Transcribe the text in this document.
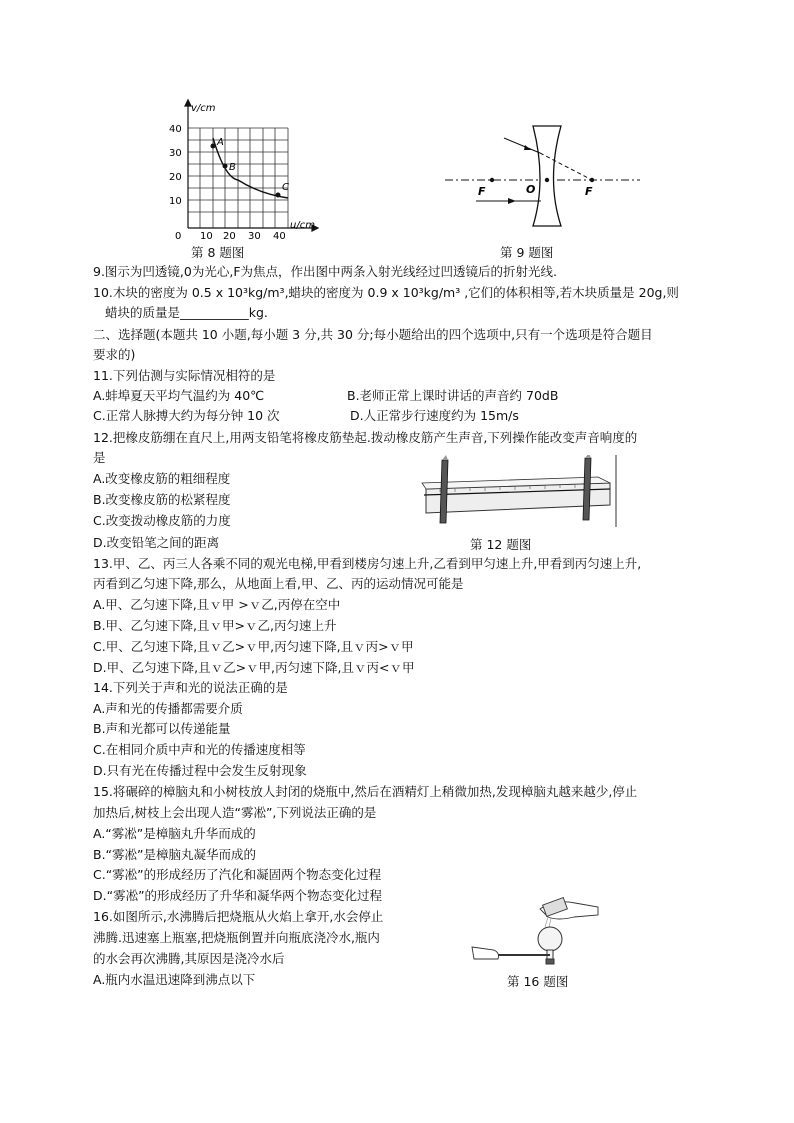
A
B
C
v/cm
u/cm
40
30
20
10
0 10 20 30 40
第 8 题图
F	O	F
第 9 题图
9.图示为凹透镜,0为光心,F为焦点，作出图中两条入射光线经过凹透镜后的折射光线.
10.木块的密度为 0.5 x 10³kg/m³,蜡块的密度为 0.9 x 10³kg/m³ ,它们的体积相等,若木块质量是 20g,则
蜡块的质量是___________kg.
二、选择题(本题共 10 小题,每小题 3 分,共 30 分;每小题给出的四个选项中,只有一个选项是符合题目
要求的)
11.下列估测与实际情况相符的是
A.蚌埠夏天平均气温约为 40℃	B.老师正常上课时讲话的声音约 70dB
C.正常人脉搏大约为每分钟 10 次	D.人正常步行速度约为 15m/s
12.把橡皮筋绷在直尺上,用两支铅笔将橡皮筋垫起.拨动橡皮筋产生声音,下列操作能改变声音响度的
是
A.改变橡皮筋的粗细程度
B.改变橡皮筋的松紧程度
C.改变拨动橡皮筋的力度
D.改变铅笔之间的距离	第 12 题图
13.甲、乙、丙三人各乘不同的观光电梯,甲看到楼房匀速上升,乙看到甲匀速上升,甲看到丙匀速上升,
丙看到乙匀速下降,那么，从地面上看,甲、乙、丙的运动情况可能是
A.甲、乙匀速下降,且ｖ甲 >ｖ乙,丙停在空中
B.甲、乙匀速下降,且ｖ甲>ｖ乙,丙匀速上升
C.甲、乙匀速下降,且ｖ乙>ｖ甲,丙匀速下降,且ｖ丙>ｖ甲
D.甲、乙匀速下降,且ｖ乙>ｖ甲,丙匀速下降,且ｖ丙<ｖ甲
14.下列关于声和光的说法正确的是
A.声和光的传播都需要介质
B.声和光都可以传递能量
C.在相同介质中声和光的传播速度相等
D.只有光在传播过程中会发生反射现象
15.将碾碎的樟脑丸和小树枝放人封闭的烧瓶中,然后在酒精灯上稍微加热,发现樟脑丸越来越少,停止
加热后,树枝上会出现人造“雾凇”,下列说法正确的是
A.“雾凇”是樟脑丸升华而成的
B.“雾凇”是樟脑丸凝华而成的
C.“雾凇”的形成经历了汽化和凝固两个物态变化过程
D.“雾凇”的形成经历了升华和凝华两个物态变化过程
16.如图所示,水沸腾后把烧瓶从火焰上拿开,水会停止
沸腾.迅速塞上瓶塞,把烧瓶倒置并向瓶底浇冷水,瓶内
的水会再次沸腾,其原因是浇冷水后
A.瓶内水温迅速降到沸点以下	第 16 题图
